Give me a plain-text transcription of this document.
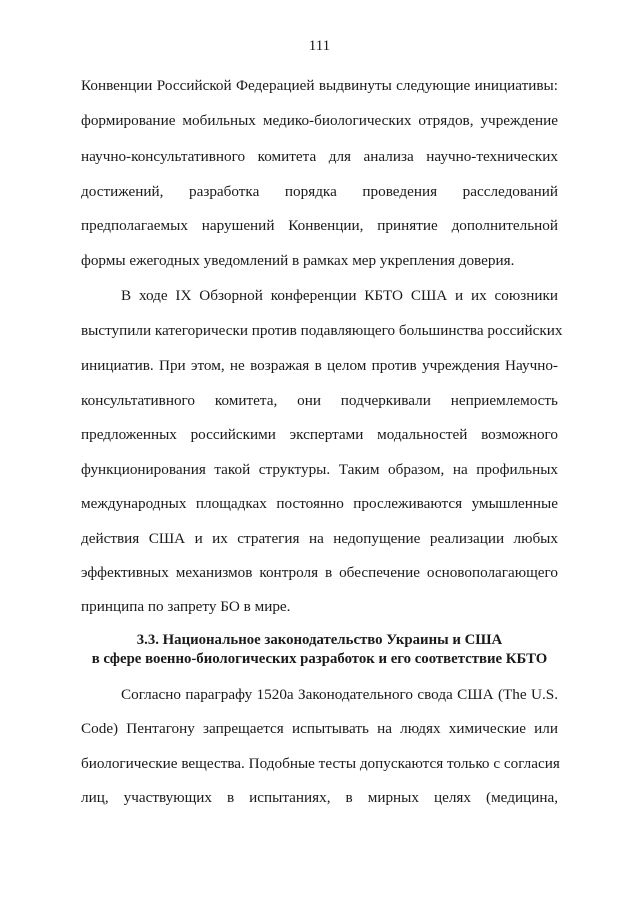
111
Конвенции Российской Федерацией выдвинуты следующие инициативы:
формирование мобильных медико-биологических отрядов, учреждение
научно-консультативного комитета для анализа научно-технических
достижений, разработка порядка проведения расследований
предполагаемых нарушений Конвенции, принятие дополнительной
формы ежегодных уведомлений в рамках мер укрепления доверия.
В ходе IX Обзорной конференции КБТО США и их союзники
выступили категорически против подавляющего большинства российских
инициатив. При этом, не возражая в целом против учреждения Научно-
консультативного комитета, они подчеркивали неприемлемость
предложенных российскими экспертами модальностей возможного
функционирования такой структуры. Таким образом, на профильных
международных площадках постоянно прослеживаются умышленные
действия США и их стратегия на недопущение реализации любых
эффективных механизмов контроля в обеспечение основополагающего
принципа по запрету БО в мире.
3.3. Национальное законодательство Украины и США
в сфере военно-биологических разработок и его соответствие КБТО
Согласно параграфу 1520а Законодательного свода США (The U.S.
Code) Пентагону запрещается испытывать на людях химические или
биологические вещества. Подобные тесты допускаются только с согласия
лиц, участвующих в испытаниях, в мирных целях (медицина,
